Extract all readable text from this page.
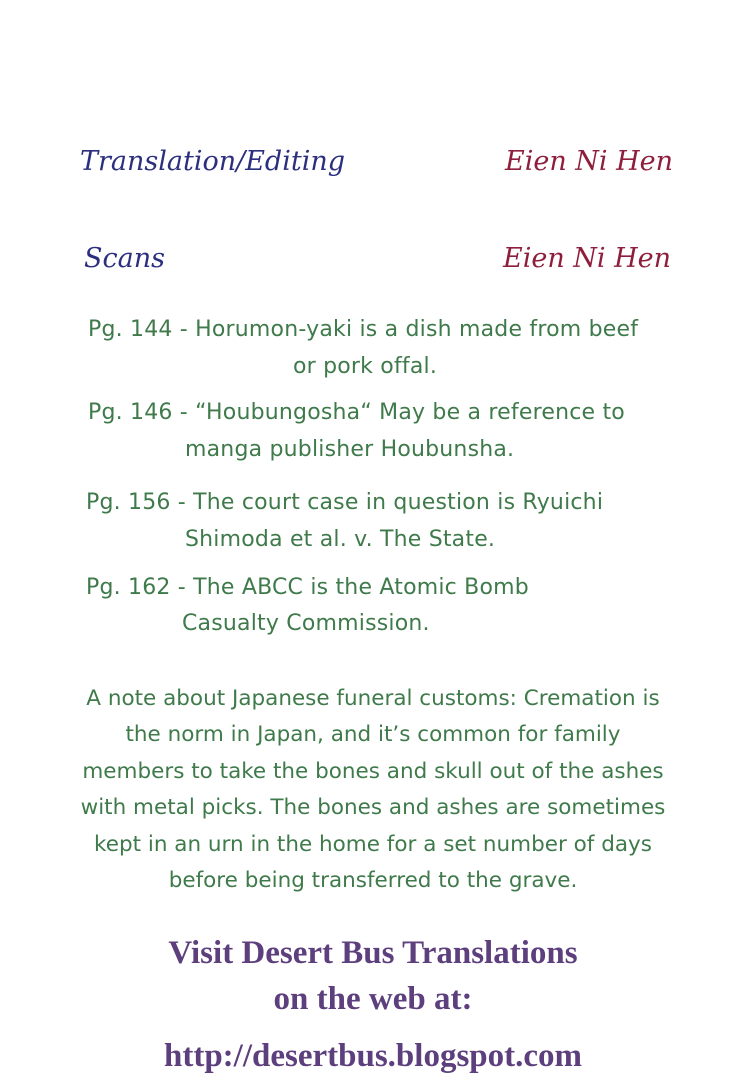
Translation/Editing	Eien Ni Hen
Scans	Eien Ni Hen
Pg. 144 - Horumon-yaki is a dish made from beef
or pork offal.
Pg. 146 - “Houbungosha“ May be a reference to
manga publisher Houbunsha.
Pg. 156 - The court case in question is Ryuichi
Shimoda et al. v. The State.
Pg. 162 - The ABCC is the Atomic Bomb
Casualty Commission.
A note about Japanese funeral customs: Cremation is
the norm in Japan, and it’s common for family
members to take the bones and skull out of the ashes
with metal picks. The bones and ashes are sometimes
kept in an urn in the home for a set number of days
before being transferred to the grave.
Visit Desert Bus Translations
on the web at:
http://desertbus.blogspot.com
